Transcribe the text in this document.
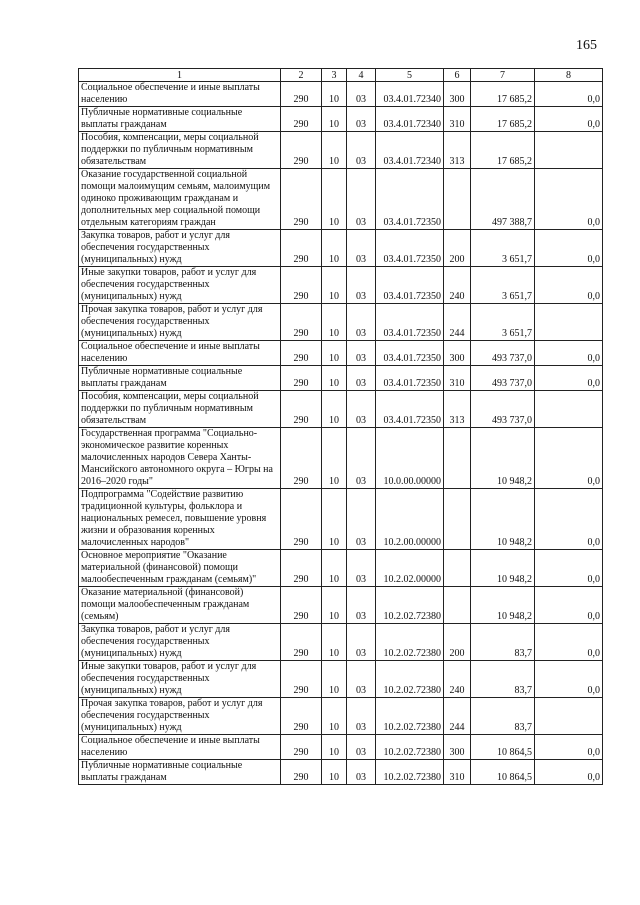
165
1	2	3	4	5	6	7	8
Социальное обеспечение и иные выплаты населению	290	10	03	03.4.01.72340	300	17 685,2	0,0
Публичные нормативные социальные выплаты гражданам	290	10	03	03.4.01.72340	310	17 685,2	0,0
Пособия, компенсации, меры социальной поддержки по публичным нормативным обязательствам	290	10	03	03.4.01.72340	313	17 685,2	
Оказание государственной социальной помощи малоимущим семьям, малоимущим одиноко проживающим гражданам и дополнительных мер социальной помощи отдельным категориям граждан	290	10	03	03.4.01.72350		497 388,7	0,0
Закупка товаров, работ и услуг для обеспечения государственных (муниципальных) нужд	290	10	03	03.4.01.72350	200	3 651,7	0,0
Иные закупки товаров, работ и услуг для обеспечения государственных (муниципальных) нужд	290	10	03	03.4.01.72350	240	3 651,7	0,0
Прочая закупка товаров, работ и услуг для обеспечения государственных (муниципальных) нужд	290	10	03	03.4.01.72350	244	3 651,7	
Социальное обеспечение и иные выплаты населению	290	10	03	03.4.01.72350	300	493 737,0	0,0
Публичные нормативные социальные выплаты гражданам	290	10	03	03.4.01.72350	310	493 737,0	0,0
Пособия, компенсации, меры социальной поддержки по публичным нормативным обязательствам	290	10	03	03.4.01.72350	313	493 737,0	
Государственная программа "Социально-экономическое развитие коренных малочисленных народов Севера Ханты-Мансийского автономного округа – Югры на 2016–2020 годы"	290	10	03	10.0.00.00000		10 948,2	0,0
Подпрограмма "Содействие развитию традиционной культуры, фольклора и национальных ремесел, повышение уровня жизни и образования коренных малочисленных народов"	290	10	03	10.2.00.00000		10 948,2	0,0
Основное мероприятие "Оказание материальной (финансовой) помощи малообеспеченным гражданам (семьям)"	290	10	03	10.2.02.00000		10 948,2	0,0
Оказание материальной (финансовой) помощи малообеспеченным гражданам (семьям)	290	10	03	10.2.02.72380		10 948,2	0,0
Закупка товаров, работ и услуг для обеспечения государственных (муниципальных) нужд	290	10	03	10.2.02.72380	200	83,7	0,0
Иные закупки товаров, работ и услуг для обеспечения государственных (муниципальных) нужд	290	10	03	10.2.02.72380	240	83,7	0,0
Прочая закупка товаров, работ и услуг для обеспечения государственных (муниципальных) нужд	290	10	03	10.2.02.72380	244	83,7	
Социальное обеспечение и иные выплаты населению	290	10	03	10.2.02.72380	300	10 864,5	0,0
Публичные нормативные социальные выплаты гражданам	290	10	03	10.2.02.72380	310	10 864,5	0,0
